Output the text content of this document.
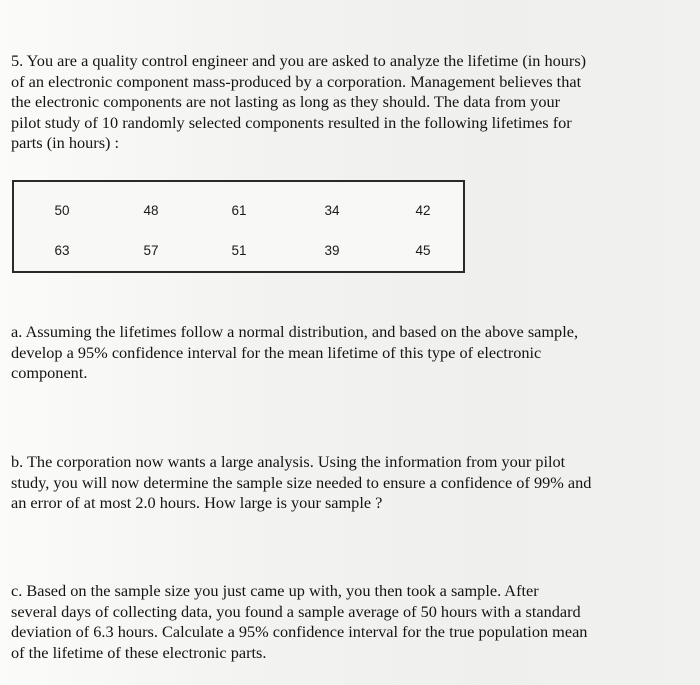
5. You are a quality control engineer and you are asked to analyze the lifetime (in hours)
of an electronic component mass-produced by a corporation. Management believes that
the electronic components are not lasting as long as they should. The data from your
pilot study of 10 randomly selected components resulted in the following lifetimes for
parts (in hours) :

50	48	61	34	42
63	57	51	39	45

a. Assuming the lifetimes follow a normal distribution, and based on the above sample,
develop a 95% confidence interval for the mean lifetime of this type of electronic
component.

b. The corporation now wants a large analysis. Using the information from your pilot
study, you will now determine the sample size needed to ensure a confidence of 99% and
an error of at most 2.0 hours. How large is your sample ?

c. Based on the sample size you just came up with, you then took a sample. After
several days of collecting data, you found a sample average of 50 hours with a standard
deviation of 6.3 hours. Calculate a 95% confidence interval for the true population mean
of the lifetime of these electronic parts.
